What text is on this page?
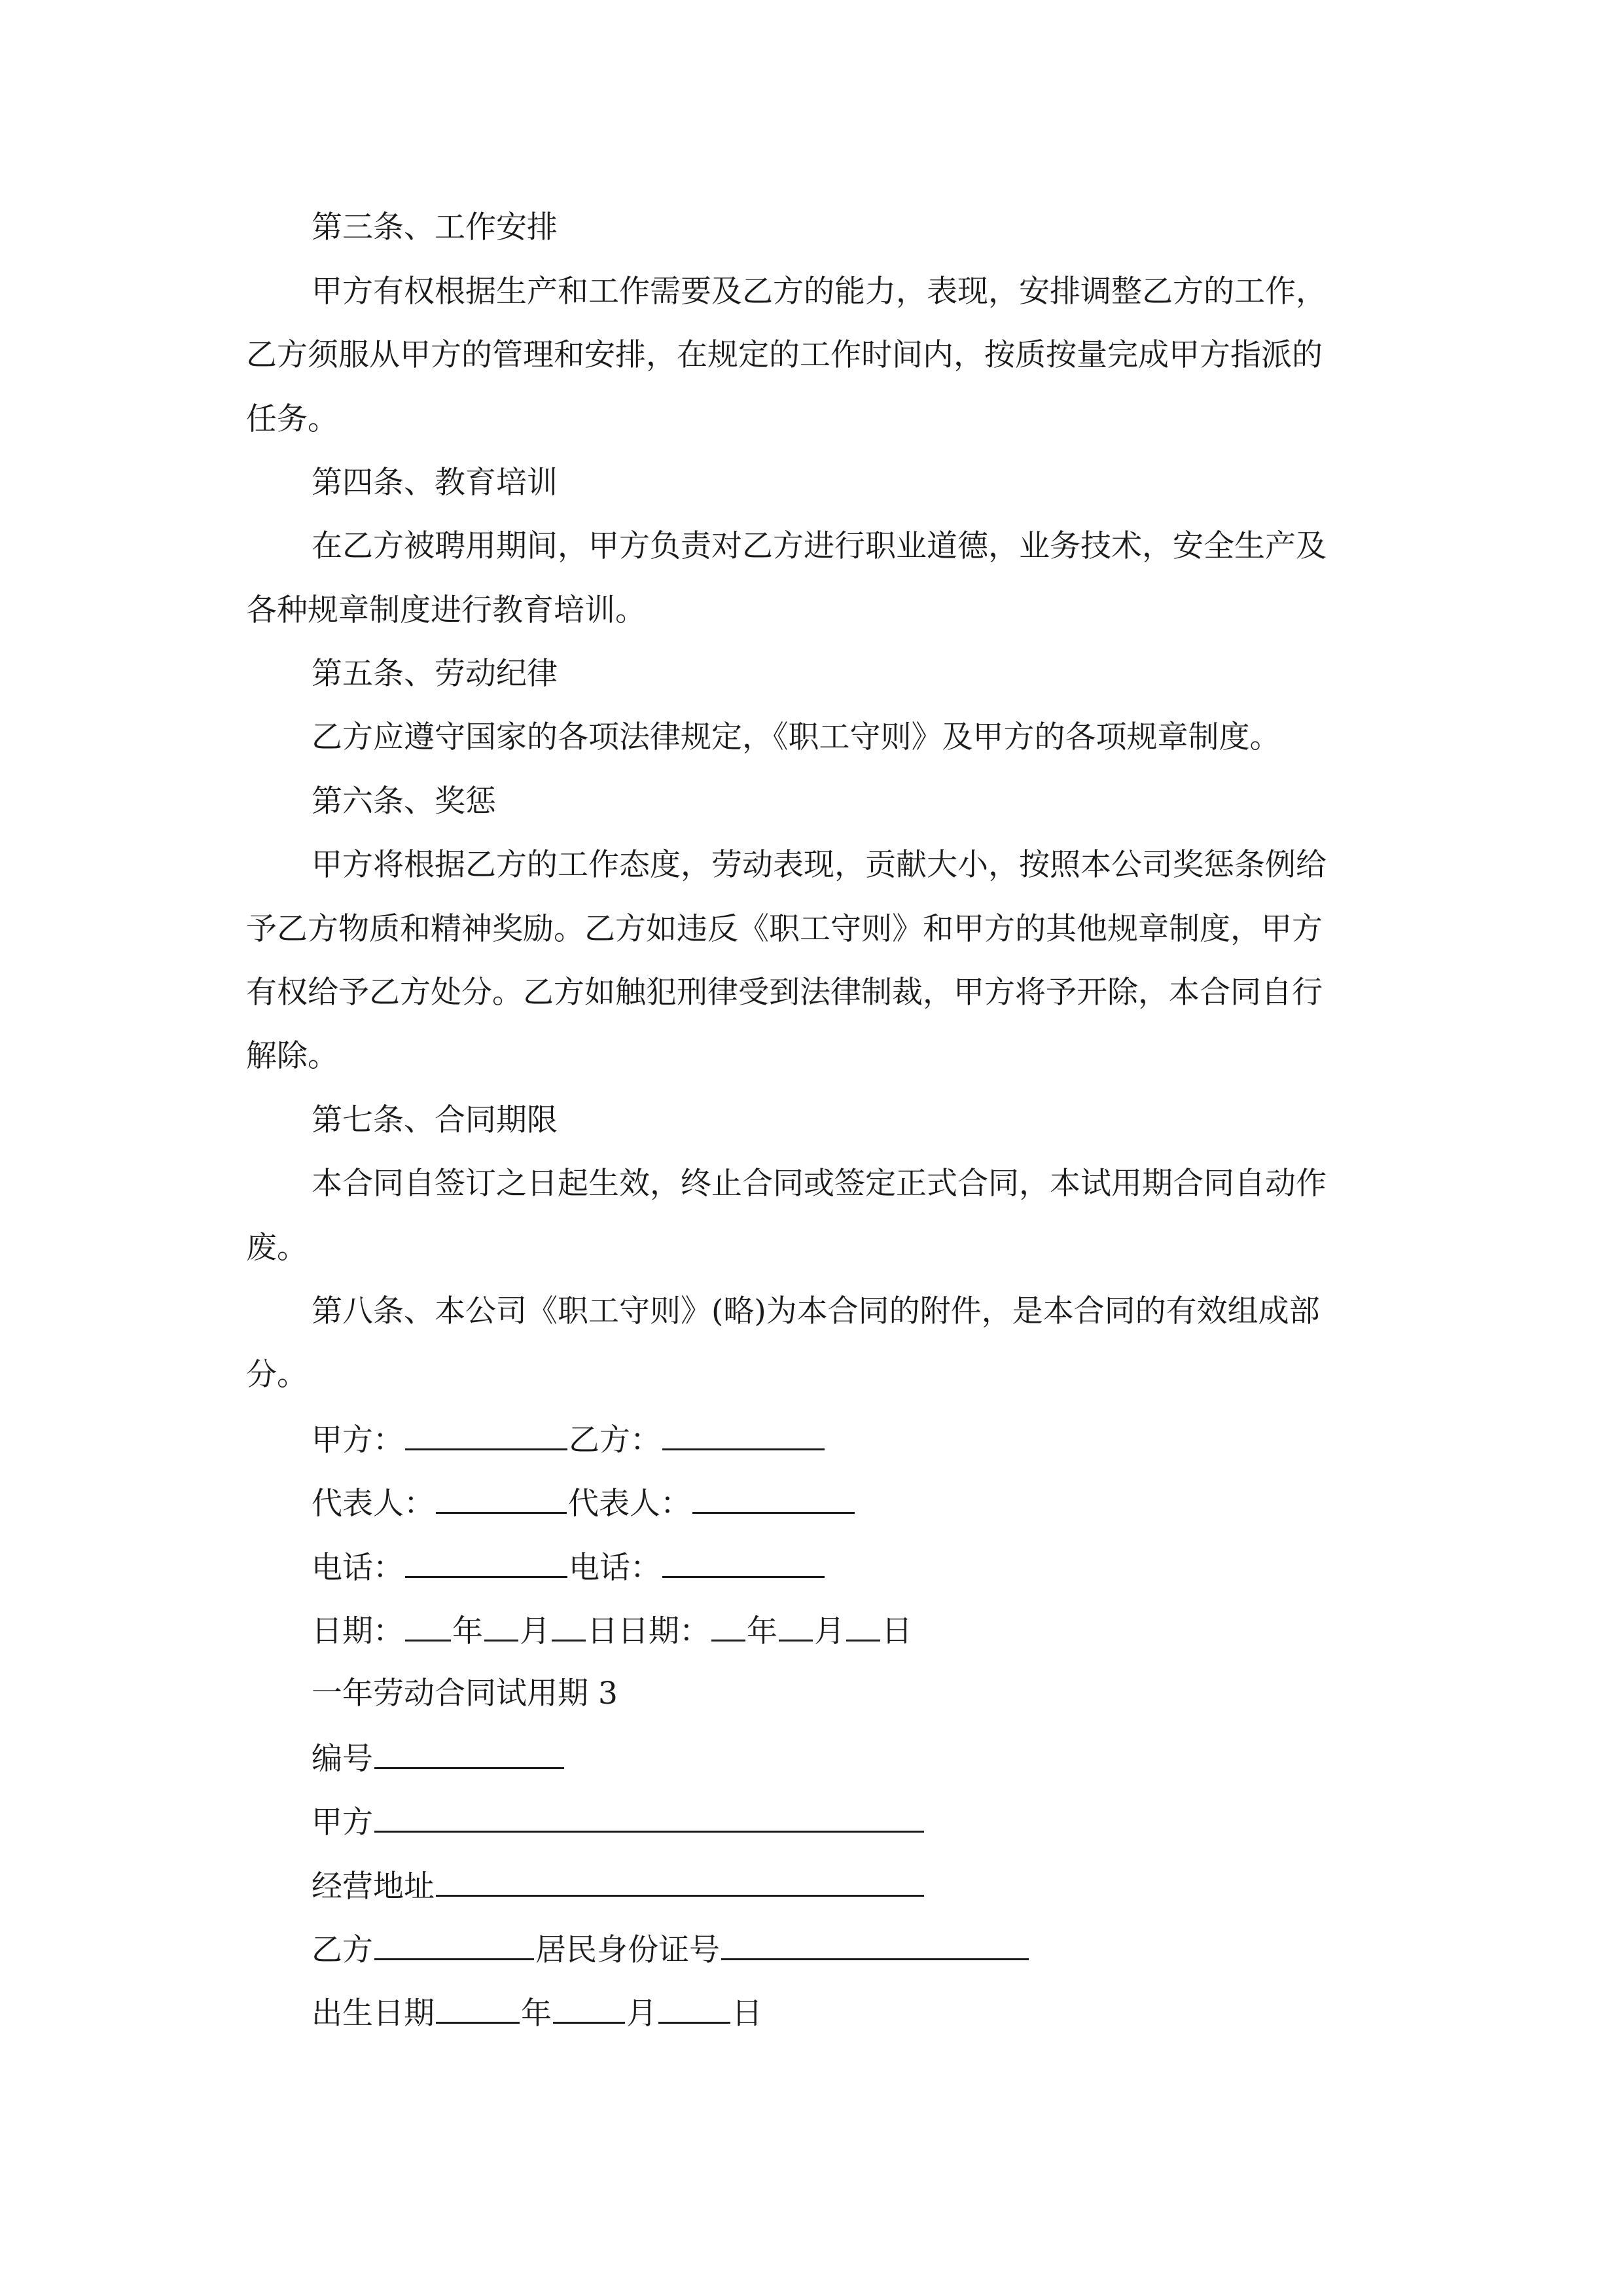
第三条、工作安排
甲方有权根据生产和工作需要及乙方的能力，表现，安排调整乙方的工作，
乙方须服从甲方的管理和安排，在规定的工作时间内，按质按量完成甲方指派的
任务。
第四条、教育培训
在乙方被聘用期间，甲方负责对乙方进行职业道德，业务技术，安全生产及
各种规章制度进行教育培训。
第五条、劳动纪律
乙方应遵守国家的各项法律规定，《职工守则》及甲方的各项规章制度。
第六条、奖惩
甲方将根据乙方的工作态度，劳动表现，贡献大小，按照本公司奖惩条例给
予乙方物质和精神奖励。乙方如违反《职工守则》和甲方的其他规章制度，甲方
有权给予乙方处分。乙方如触犯刑律受到法律制裁，甲方将予开除，本合同自行
解除。
第七条、合同期限
本合同自签订之日起生效，终止合同或签定正式合同，本试用期合同自动作
废。
第八条、本公司《职工守则》(略)为本合同的附件，是本合同的有效组成部
分。
甲方：	乙方：
代表人：	代表人：
电话：	电话：
日期： 年 月 日日期： 年 月 日
一年劳动合同试用期 3
编号
甲方
经营地址
乙方	居民身份证号
出生日期	年 月 日
